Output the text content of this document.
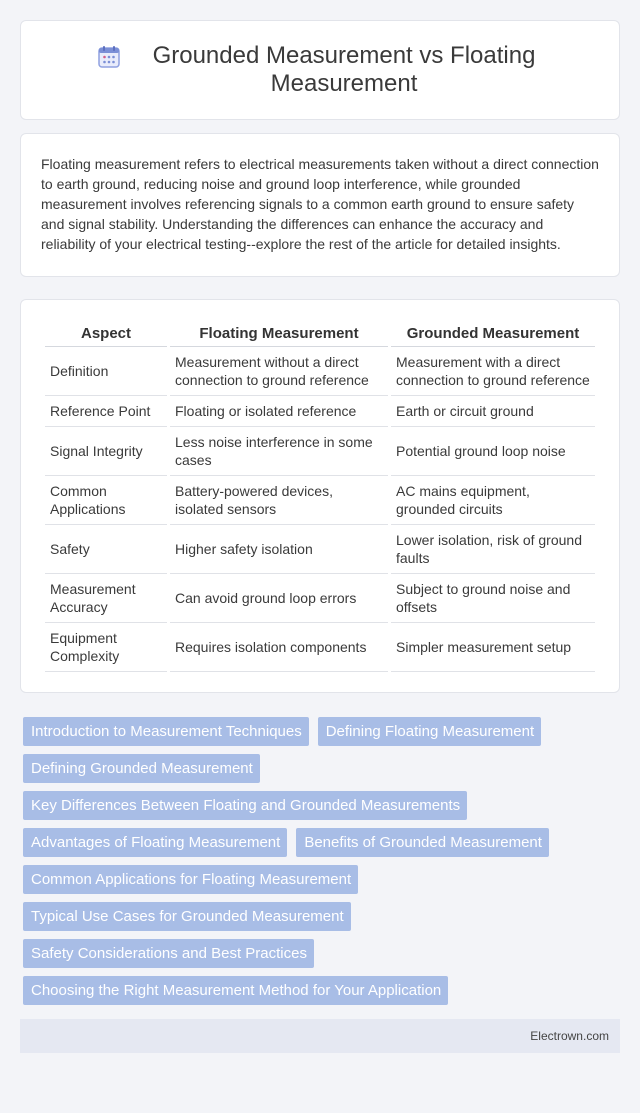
Grounded Measurement vs Floating Measurement

Floating measurement refers to electrical measurements taken without a direct connection to earth ground, reducing noise and ground loop interference, while grounded measurement involves referencing signals to a common earth ground to ensure safety and signal stability. Understanding the differences can enhance the accuracy and reliability of your electrical testing--explore the rest of the article for detailed insights.

Aspect	Floating Measurement	Grounded Measurement
Definition	Measurement without a direct connection to ground reference	Measurement with a direct connection to ground reference
Reference Point	Floating or isolated reference	Earth or circuit ground
Signal Integrity	Less noise interference in some cases	Potential ground loop noise
Common Applications	Battery-powered devices, isolated sensors	AC mains equipment, grounded circuits
Safety	Higher safety isolation	Lower isolation, risk of ground faults
Measurement Accuracy	Can avoid ground loop errors	Subject to ground noise and offsets
Equipment Complexity	Requires isolation components	Simpler measurement setup
Introduction to Measurement Techniques	Defining Floating Measurement
Defining Grounded Measurement
Key Differences Between Floating and Grounded Measurements
Advantages of Floating Measurement	Benefits of Grounded Measurement
Common Applications for Floating Measurement
Typical Use Cases for Grounded Measurement
Safety Considerations and Best Practices
Choosing the Right Measurement Method for Your Application
Electrown.com
